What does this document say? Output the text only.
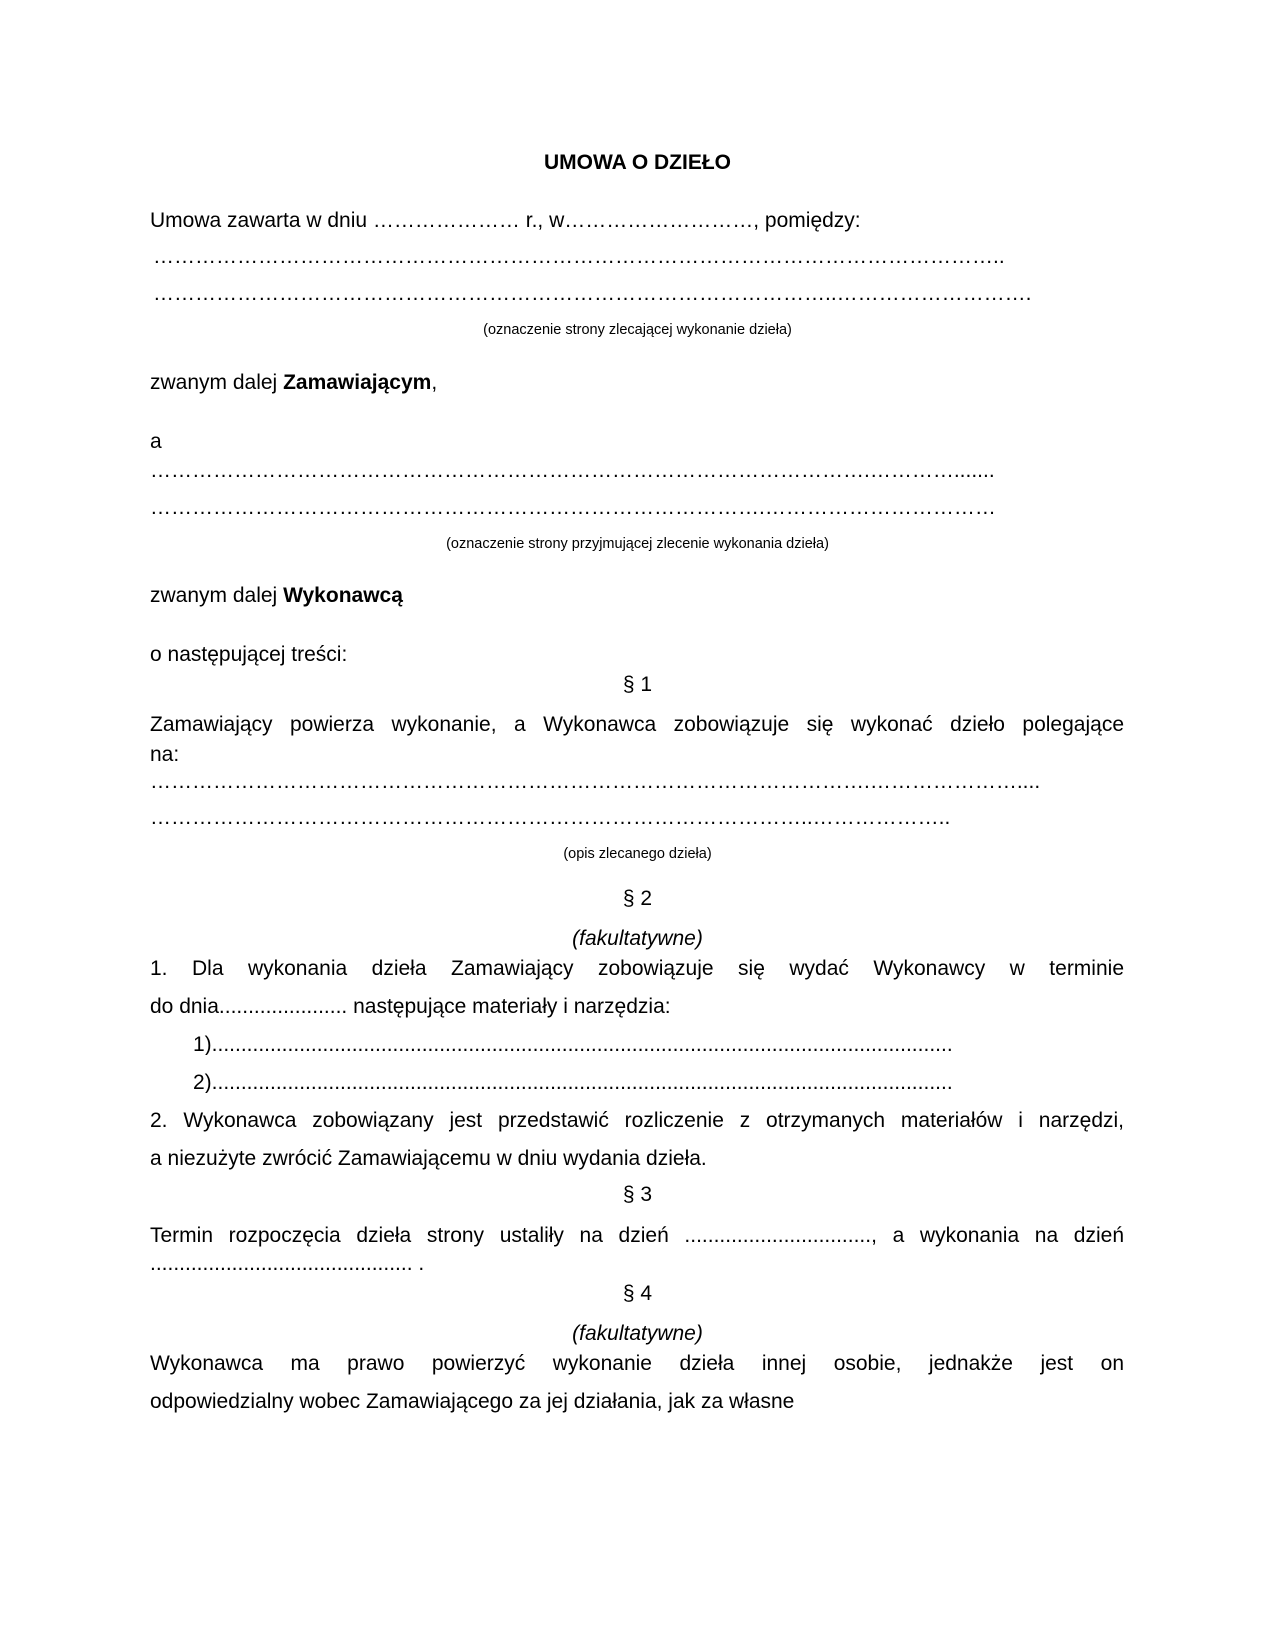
UMOWA O DZIEŁO
Umowa zawarta w dniu ………………… r., w………………………, pomiędzy:
…………………………………………………………………………………………………………..
……………………………………………………………………………………..……………………….
(oznaczenie strony zlecającej wykonanie dzieła)
zwanym dalej Zamawiającym,
a
………………………………………………………………………………………….………….......
…………………………………………………………………………….……………………………
(oznaczenie strony przyjmującej zlecenie wykonania dzieła)
zwanym dalej Wykonawcą
o następującej treści:
§ 1
Zamawiający powierza wykonanie, a Wykonawca zobowiązuje się wykonać dzieło polegające
na:
………………………………………………………………………………………….…………………....
…………………………………………………………………………………..………………..
(opis zlecanego dzieła)
§ 2
(fakultatywne)
1. Dla wykonania dzieła Zamawiający zobowiązuje się wydać Wykonawcy w terminie
do dnia...................... następujące materiały i narzędzia:
1)...............................................................................................................................
2)...............................................................................................................................
2. Wykonawca zobowiązany jest przedstawić rozliczenie z otrzymanych materiałów i narzędzi,
a niezużyte zwrócić Zamawiającemu w dniu wydania dzieła.
§ 3
Termin rozpoczęcia dzieła strony ustaliły na dzień ................................, a wykonania na dzień
............................................. .
§ 4
(fakultatywne)
Wykonawca ma prawo powierzyć wykonanie dzieła innej osobie, jednakże jest on
odpowiedzialny wobec Zamawiającego za jej działania, jak za własne
